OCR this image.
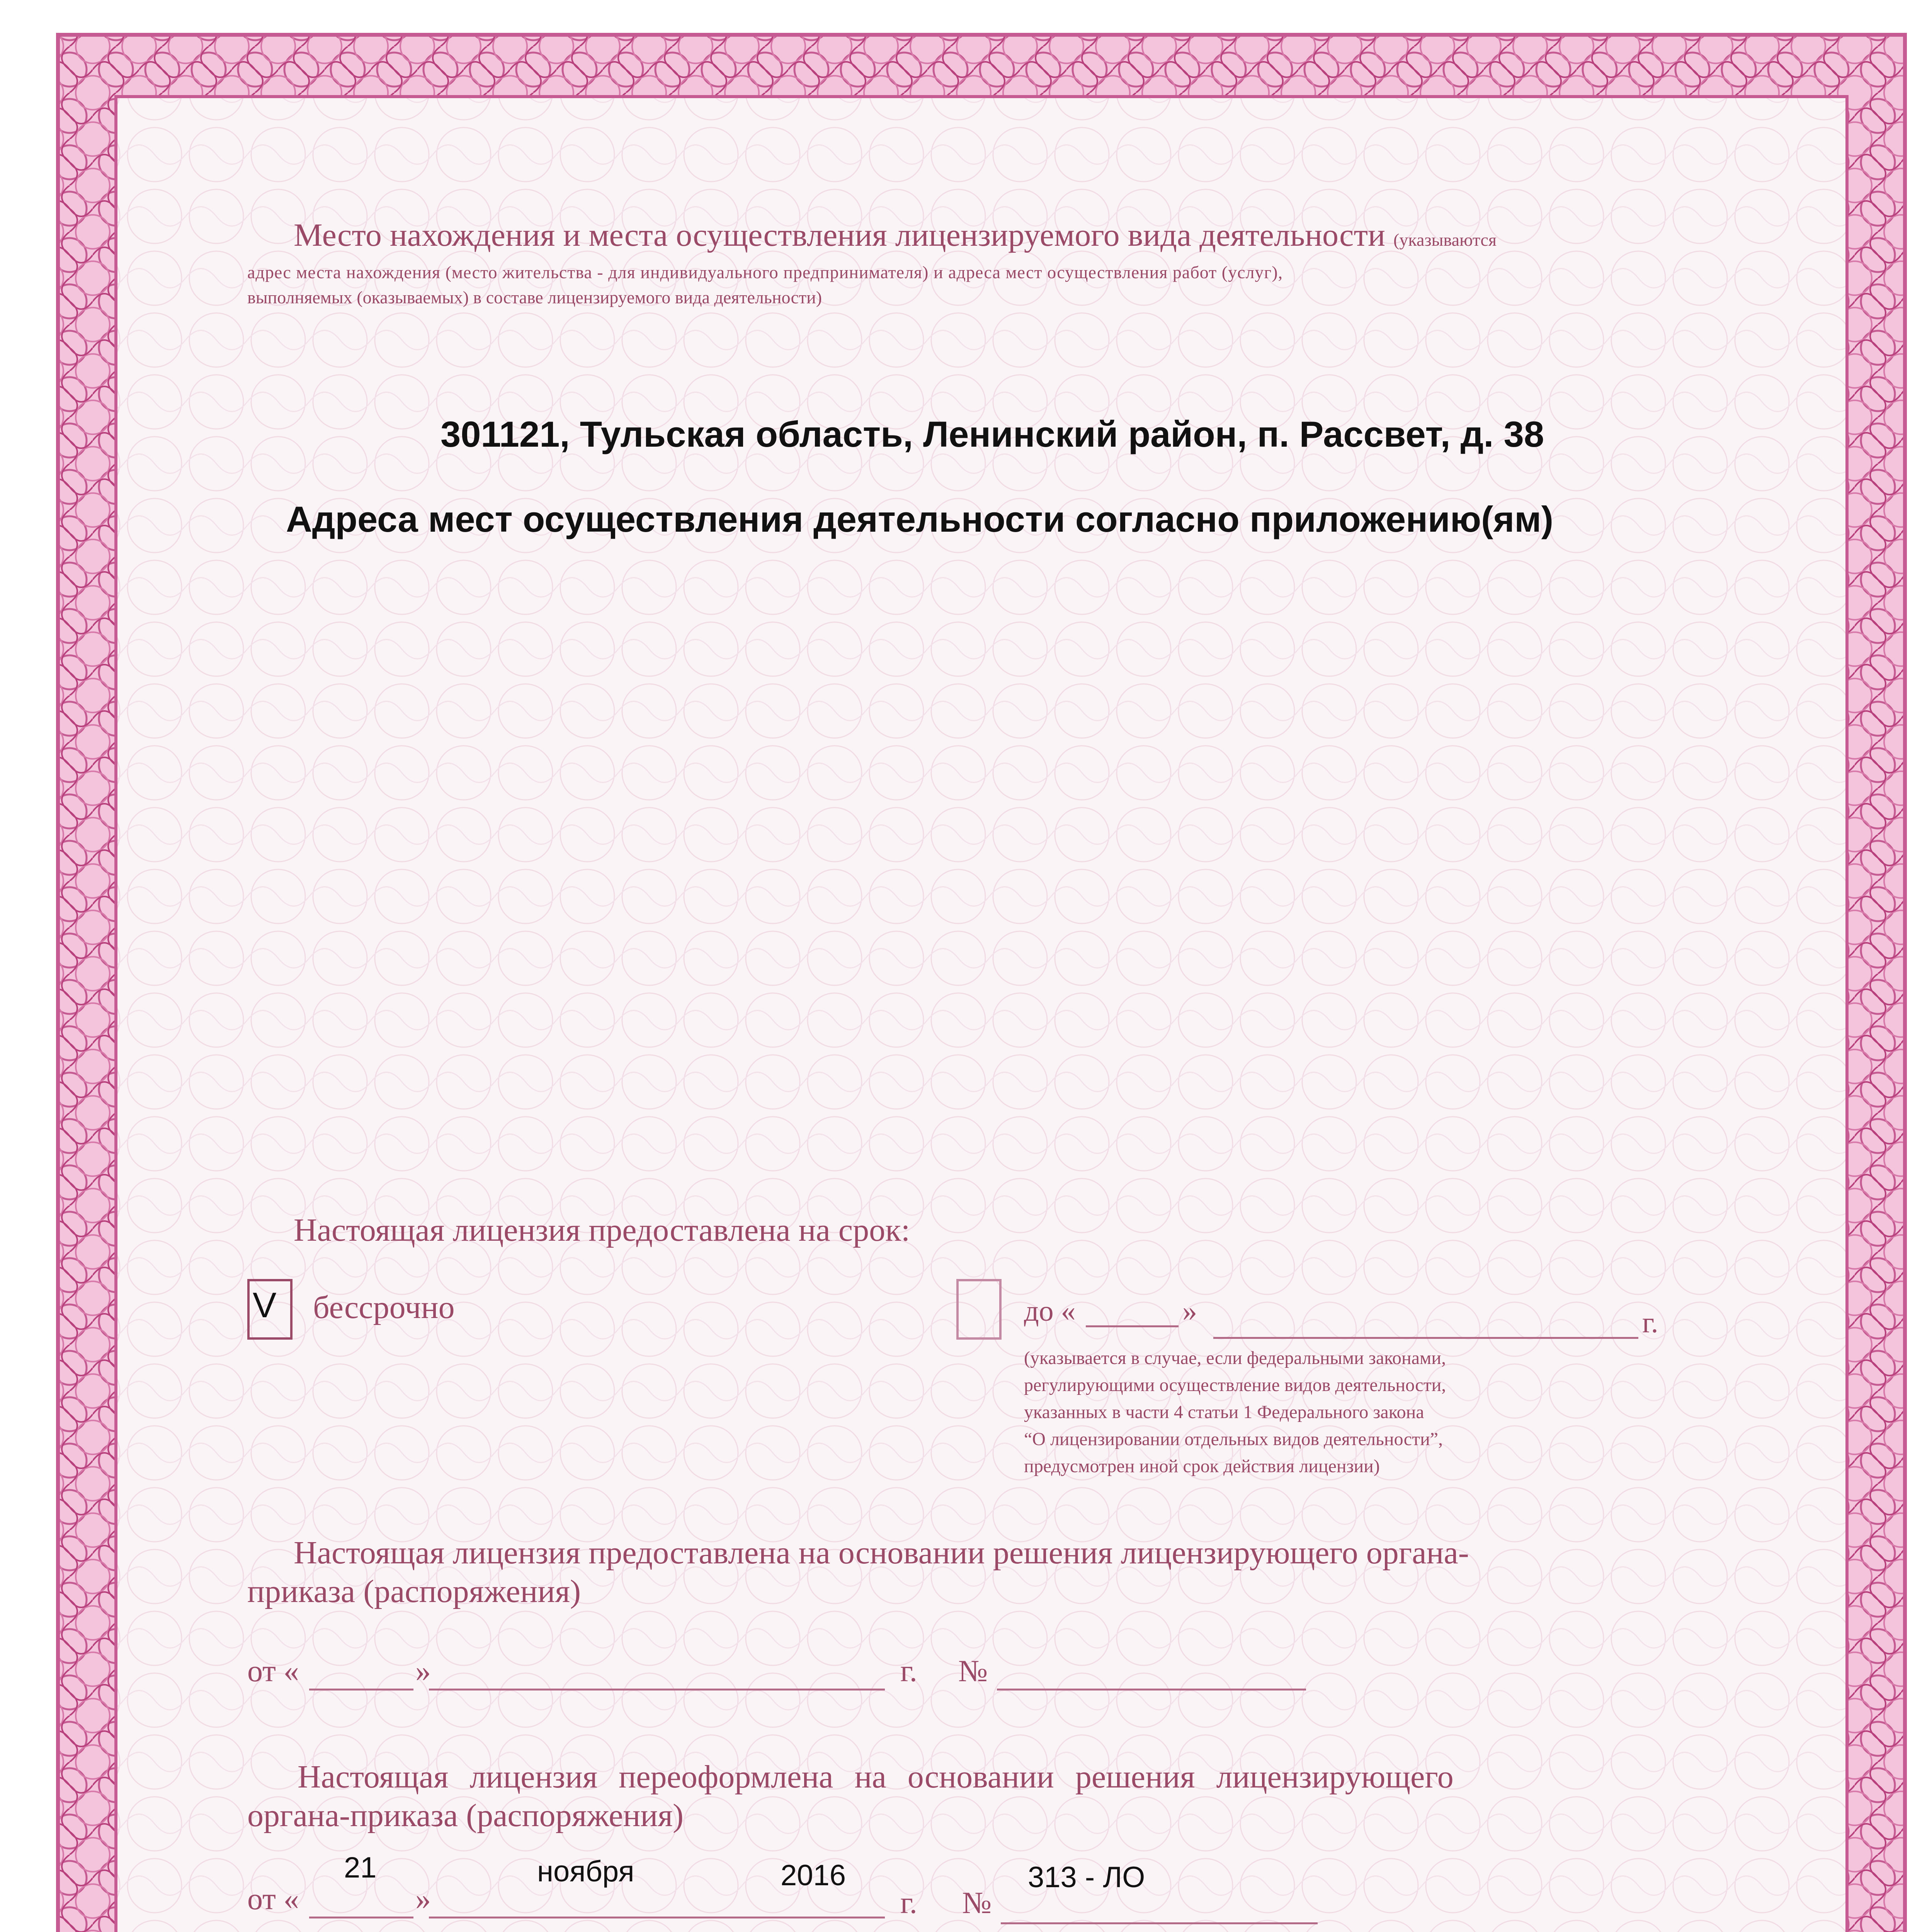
Место нахождения и места осуществления лицензируемого вида деятельности (указываются
адрес места нахождения (место жительства - для индивидуального предпринимателя) и адреса мест осуществления работ (услуг),
выполняемых (оказываемых) в составе лицензируемого вида деятельности)
301121, Тульская область, Ленинский район, п. Рассвет, д. 38
Адреса мест осуществления деятельности согласно приложению(ям)
Настоящая лицензия предоставлена на срок:
V бессрочно	до «	»	г.
(указывается в случае, если федеральными законами,
регулирующими осуществление видов деятельности,
указанных в части 4 статьи 1 Федерального закона
“О лицензировании отдельных видов деятельности”,
предусмотрен иной срок действия лицензии)
Настоящая лицензия предоставлена на основании решения лицензирующего органа-
приказа (распоряжения)
от «	»	г. №
Настоящая лицензия переоформлена на основании решения лицензирующего
органа-приказа (распоряжения)
21	ноября	2016	313 - ЛО
от «	»	г. №
